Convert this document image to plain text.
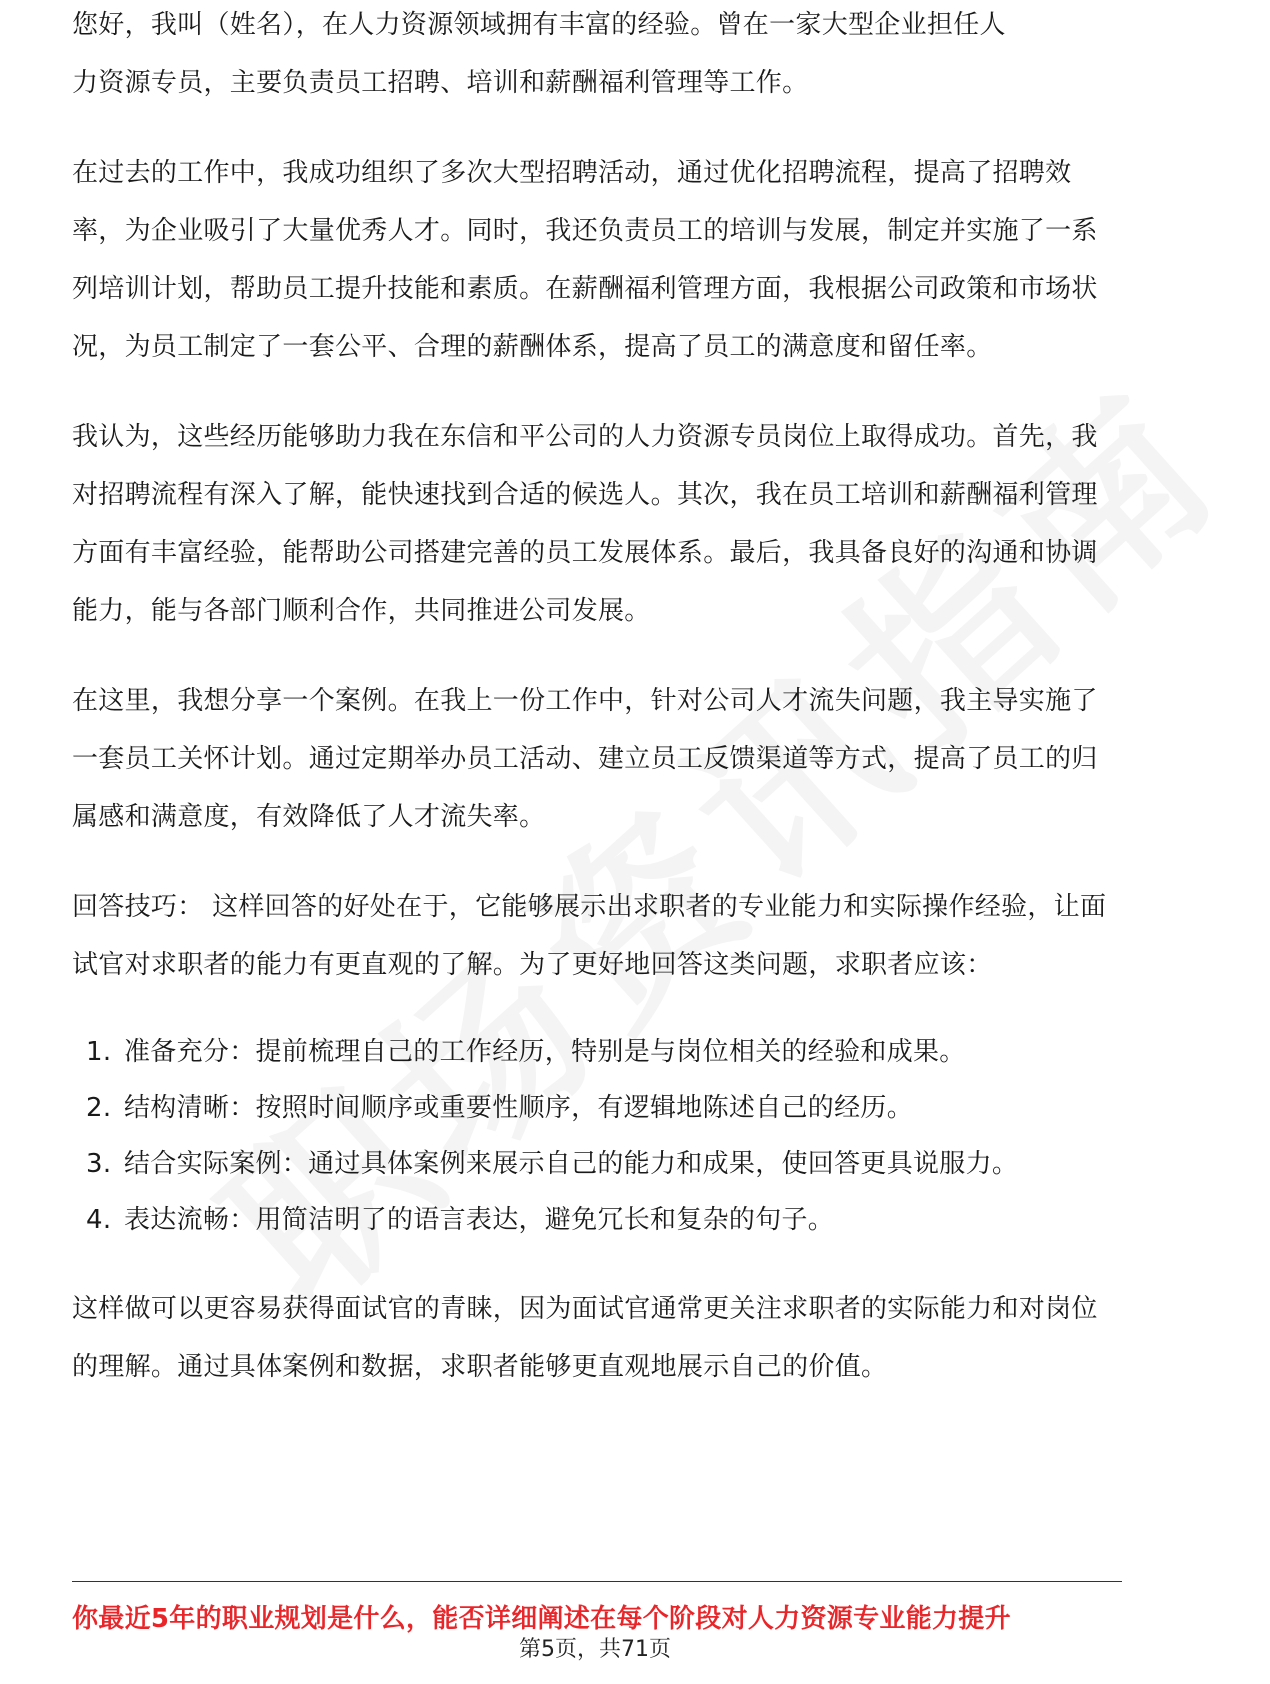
您好，我叫（姓名），在人力资源领域拥有丰富的经验。曾在一家大型企业担任人
力资源专员，主要负责员工招聘、培训和薪酬福利管理等工作。

在过去的工作中，我成功组织了多次大型招聘活动，通过优化招聘流程，提高了招聘效率，为企业吸引了大量优秀人才。同时，我还负责员工的培训与发展，制定并实施了一系列培训计划，帮助员工提升技能和素质。在薪酬福利管理方面，我根据公司政策和市场状况，为员工制定了一套公平、合理的薪酬体系，提高了员工的满意度和留任率。

我认为，这些经历能够助力我在东信和平公司的人力资源专员岗位上取得成功。首先，我对招聘流程有深入了解，能快速找到合适的候选人。其次，我在员工培训和薪酬福利管理方面有丰富经验，能帮助公司搭建完善的员工发展体系。最后，我具备良好的沟通和协调能力，能与各部门顺利合作，共同推进公司发展。

在这里，我想分享一个案例。在我上一份工作中，针对公司人才流失问题，我主导实施了一套员工关怀计划。通过定期举办员工活动、建立员工反馈渠道等方式，提高了员工的归属感和满意度，有效降低了人才流失率。

回答技巧： 这样回答的好处在于，它能够展示出求职者的专业能力和实际操作经验，让面试官对求职者的能力有更直观的了解。为了更好地回答这类问题，求职者应该：

1. 准备充分：提前梳理自己的工作经历，特别是与岗位相关的经验和成果。
2. 结构清晰：按照时间顺序或重要性顺序，有逻辑地陈述自己的经历。
3. 结合实际案例：通过具体案例来展示自己的能力和成果，使回答更具说服力。
4. 表达流畅：用简洁明了的语言表达，避免冗长和复杂的句子。

这样做可以更容易获得面试官的青睐，因为面试官通常更关注求职者的实际能力和对岗位的理解。通过具体案例和数据，求职者能够更直观地展示自己的价值。

你最近5年的职业规划是什么，能否详细阐述在每个阶段对人力资源专业能力提升
第5页，共71页
